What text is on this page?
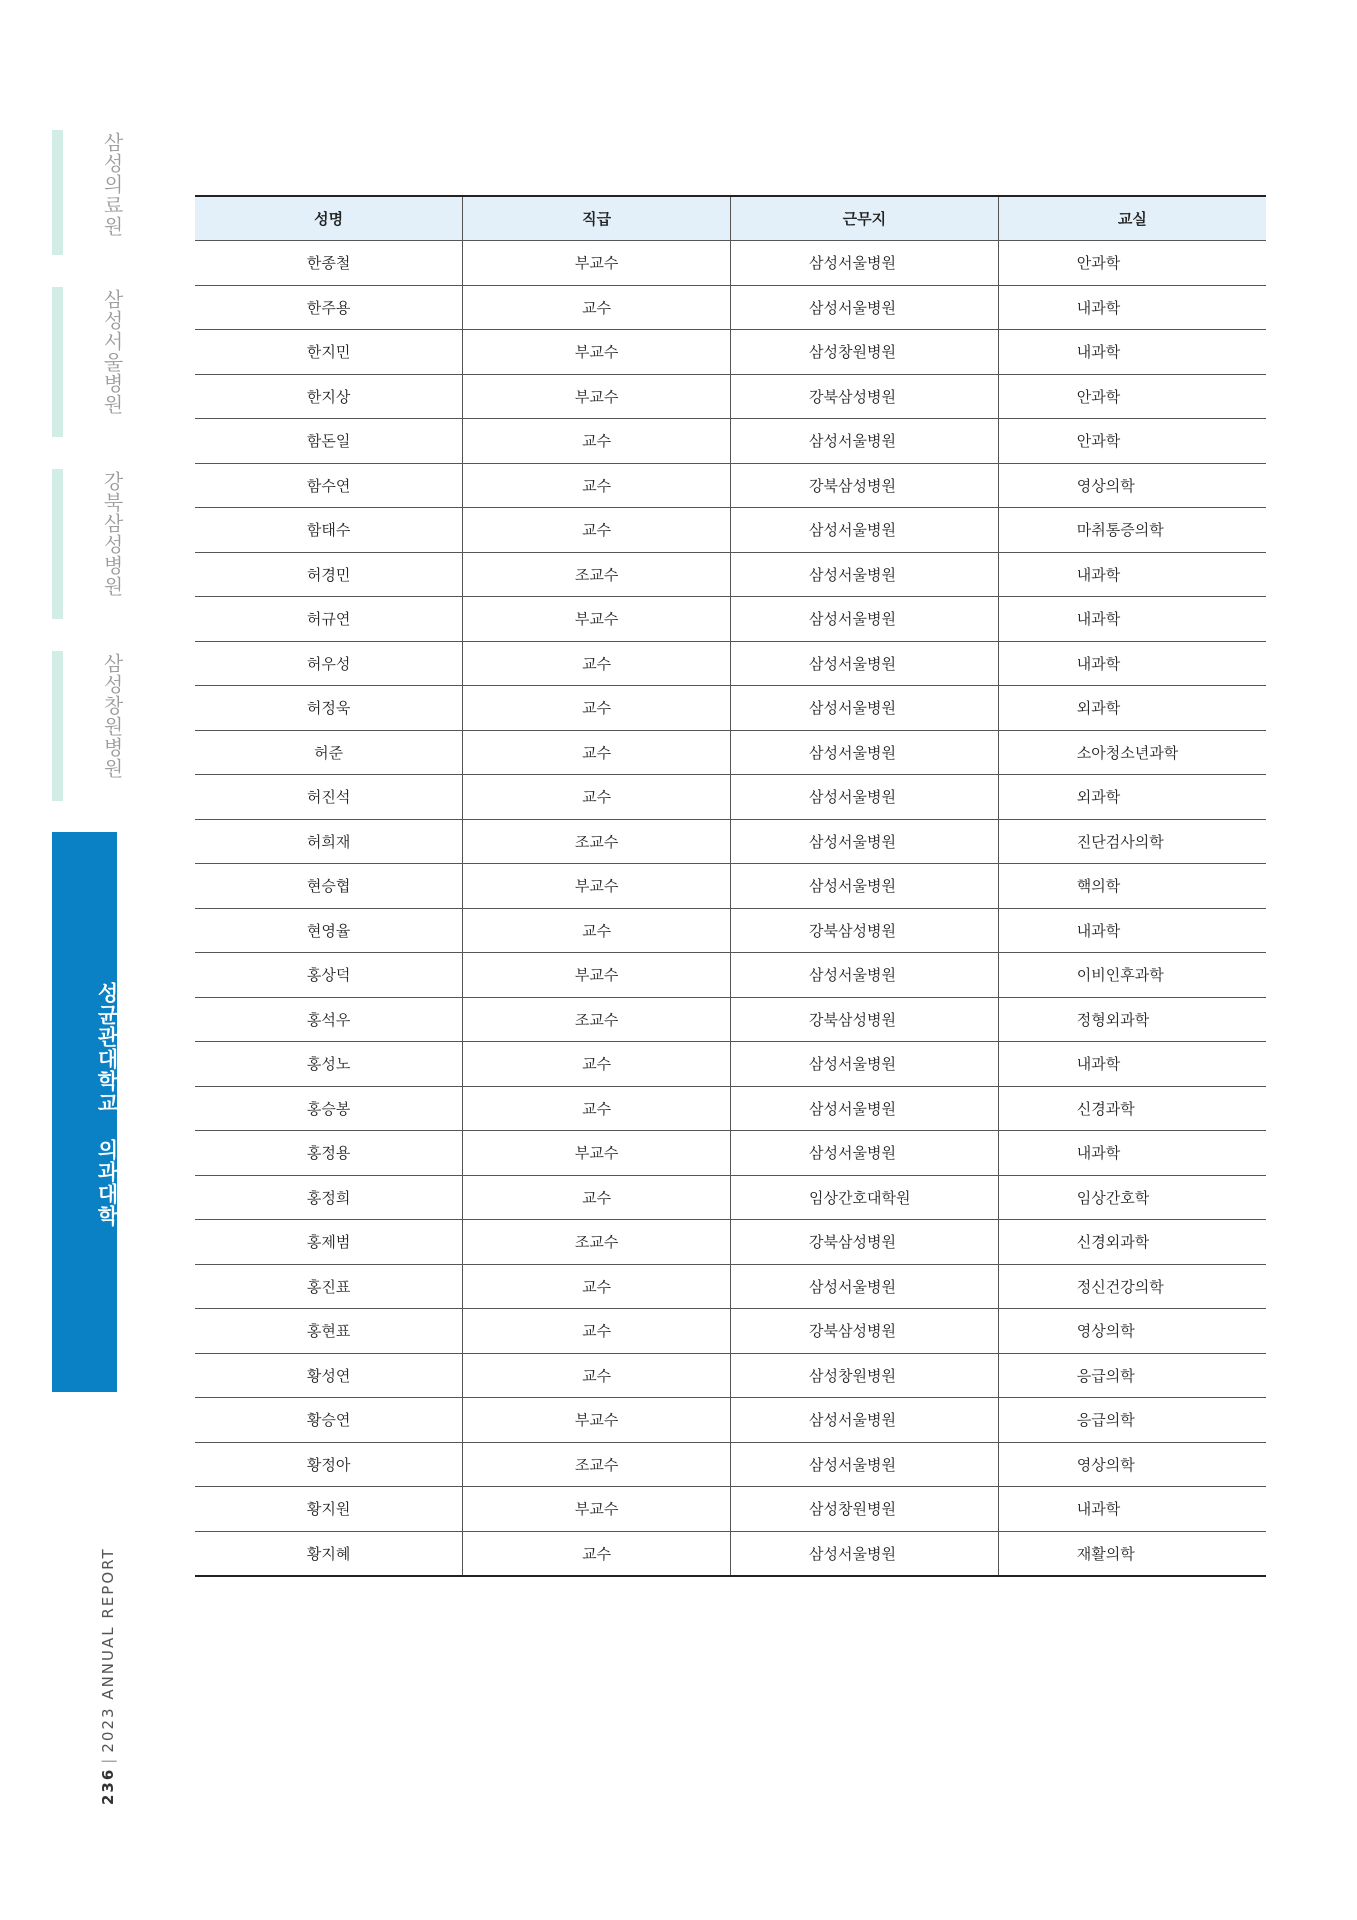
삼성의료원
삼성서울병원
강북삼성병원
삼성창원병원
성균관대학교 의과대학
236|2023 ANNUAL REPORT
성명	직급	근무지	교실
한종철	부교수	삼성서울병원	안과학
한주용	교수	삼성서울병원	내과학
한지민	부교수	삼성창원병원	내과학
한지상	부교수	강북삼성병원	안과학
함돈일	교수	삼성서울병원	안과학
함수연	교수	강북삼성병원	영상의학
함태수	교수	삼성서울병원	마취통증의학
허경민	조교수	삼성서울병원	내과학
허규연	부교수	삼성서울병원	내과학
허우성	교수	삼성서울병원	내과학
허정욱	교수	삼성서울병원	외과학
허준	교수	삼성서울병원	소아청소년과학
허진석	교수	삼성서울병원	외과학
허희재	조교수	삼성서울병원	진단검사의학
현승협	부교수	삼성서울병원	핵의학
현영율	교수	강북삼성병원	내과학
홍상덕	부교수	삼성서울병원	이비인후과학
홍석우	조교수	강북삼성병원	정형외과학
홍성노	교수	삼성서울병원	내과학
홍승봉	교수	삼성서울병원	신경과학
홍정용	부교수	삼성서울병원	내과학
홍정희	교수	임상간호대학원	임상간호학
홍제범	조교수	강북삼성병원	신경외과학
홍진표	교수	삼성서울병원	정신건강의학
홍현표	교수	강북삼성병원	영상의학
황성연	교수	삼성창원병원	응급의학
황승연	부교수	삼성서울병원	응급의학
황정아	조교수	삼성서울병원	영상의학
황지원	부교수	삼성창원병원	내과학
황지혜	교수	삼성서울병원	재활의학
